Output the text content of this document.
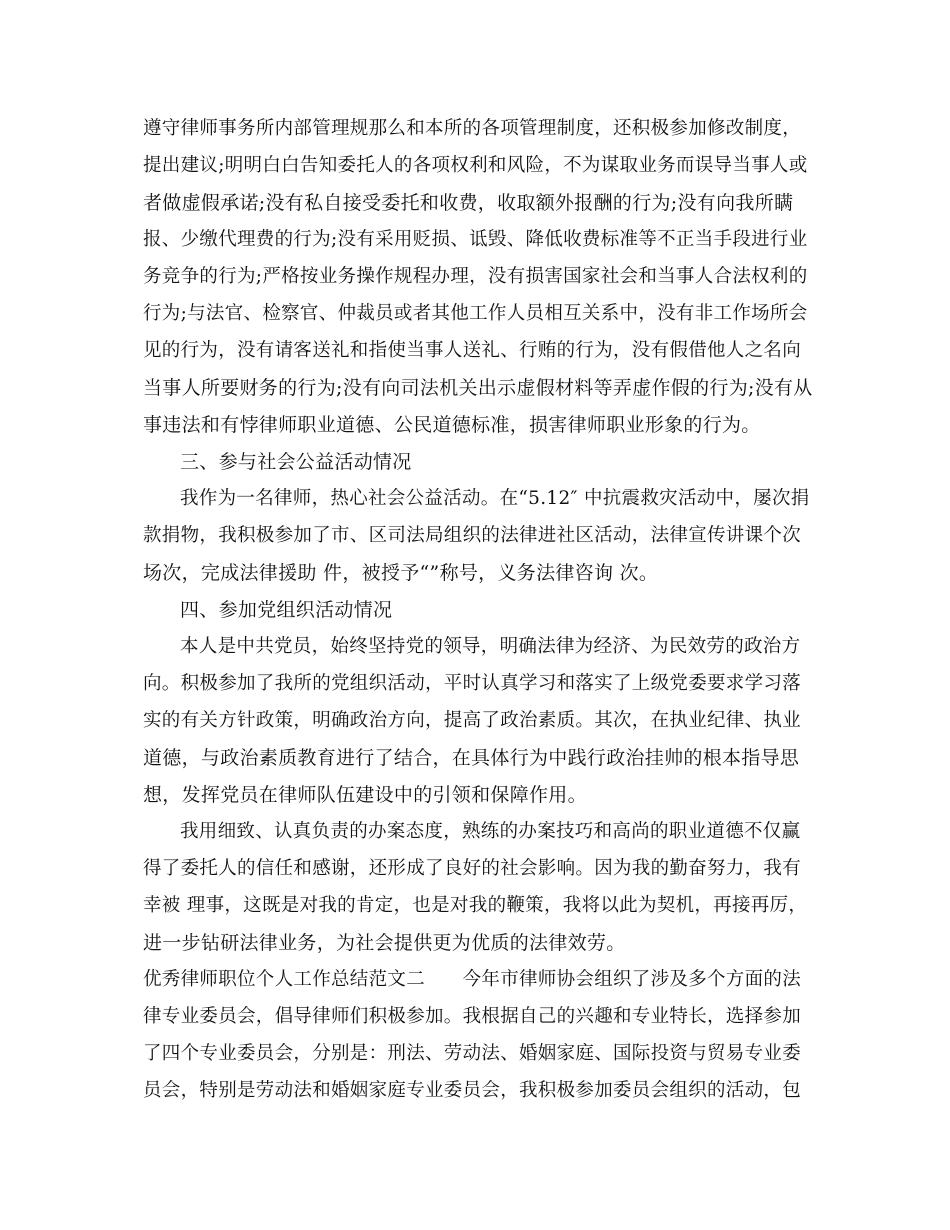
遵守律师事务所内部管理规那么和本所的各项管理制度，还积极参加修改制度，
提出建议;明明白白告知委托人的各项权利和风险，不为谋取业务而误导当事人或
者做虚假承诺;没有私自接受委托和收费，收取额外报酬的行为;没有向我所瞒
报、少缴代理费的行为;没有采用贬损、诋毁、降低收费标准等不正当手段进行业
务竞争的行为;严格按业务操作规程办理，没有损害国家社会和当事人合法权利的
行为;与法官、检察官、仲裁员或者其他工作人员相互关系中，没有非工作场所会
见的行为，没有请客送礼和指使当事人送礼、行贿的行为，没有假借他人之名向
当事人所要财务的行为;没有向司法机关出示虚假材料等弄虚作假的行为;没有从
事违法和有悖律师职业道德、公民道德标准，损害律师职业形象的行为。
三、参与社会公益活动情况
我作为一名律师，热心社会公益活动。在“5.12″ 中抗震救灾活动中，屡次捐
款捐物，我积极参加了市、区司法局组织的法律进社区活动，法律宣传讲课个次
场次，完成法律援助 件，被授予“”称号，义务法律咨询 次。
四、参加党组织活动情况
本人是中共党员，始终坚持党的领导，明确法律为经济、为民效劳的政治方
向。积极参加了我所的党组织活动，平时认真学习和落实了上级党委要求学习落
实的有关方针政策，明确政治方向，提高了政治素质。其次，在执业纪律、执业
道德，与政治素质教育进行了结合，在具体行为中践行政治挂帅的根本指导思
想，发挥党员在律师队伍建设中的引领和保障作用。
我用细致、认真负责的办案态度，熟练的办案技巧和高尚的职业道德不仅赢
得了委托人的信任和感谢，还形成了良好的社会影响。因为我的勤奋努力，我有
幸被 理事，这既是对我的肯定，也是对我的鞭策，我将以此为契机，再接再厉，
进一步钻研法律业务，为社会提供更为优质的法律效劳。
优秀律师职位个人工作总结范文二　　今年市律师协会组织了涉及多个方面的法
律专业委员会，倡导律师们积极参加。我根据自己的兴趣和专业特长，选择参加
了四个专业委员会，分别是：刑法、劳动法、婚姻家庭、国际投资与贸易专业委
员会，特别是劳动法和婚姻家庭专业委员会，我积极参加委员会组织的活动，包
